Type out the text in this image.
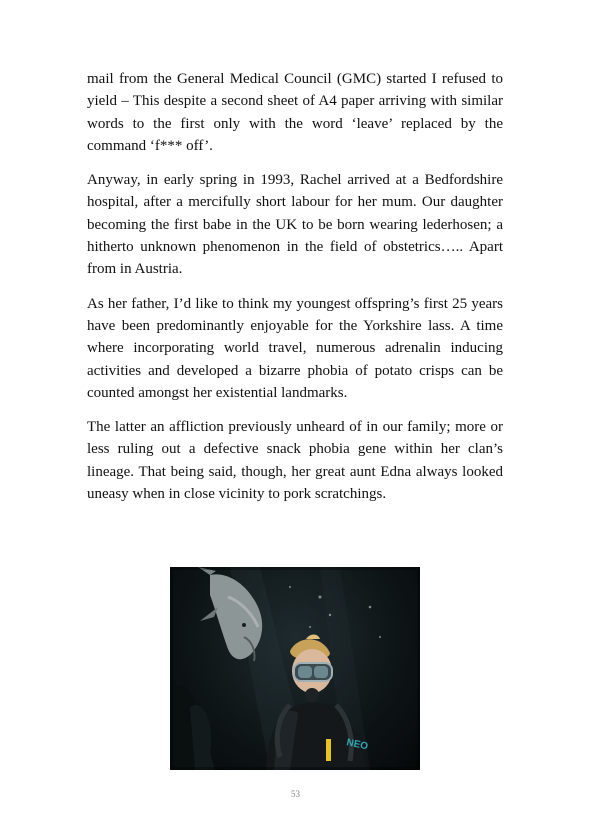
mail from the General Medical Council (GMC) started I refused to yield – This despite a second sheet of A4 paper arriving with similar words to the first only with the word ‘leave’ replaced by the command ‘f*** off’.

Anyway, in early spring in 1993, Rachel arrived at a Bedfordshire hospital, after a mercifully short labour for her mum. Our daughter becoming the first babe in the UK to be born wearing lederhosen; a hitherto unknown phenomenon in the field of obstetrics….. Apart from in Austria.

As her father, I’d like to think my youngest offspring’s first 25 years have been predominantly enjoyable for the Yorkshire lass. A time where incorporating world travel, numerous adrenalin inducing activities and developed a bizarre phobia of potato crisps can be counted amongst her existential landmarks.

The latter an affliction previously unheard of in our family; more or less ruling out a defective snack phobia gene within her clan’s lineage. That being said, though, her great aunt Edna always looked uneasy when in close vicinity to pork scratchings.

NEO
53
